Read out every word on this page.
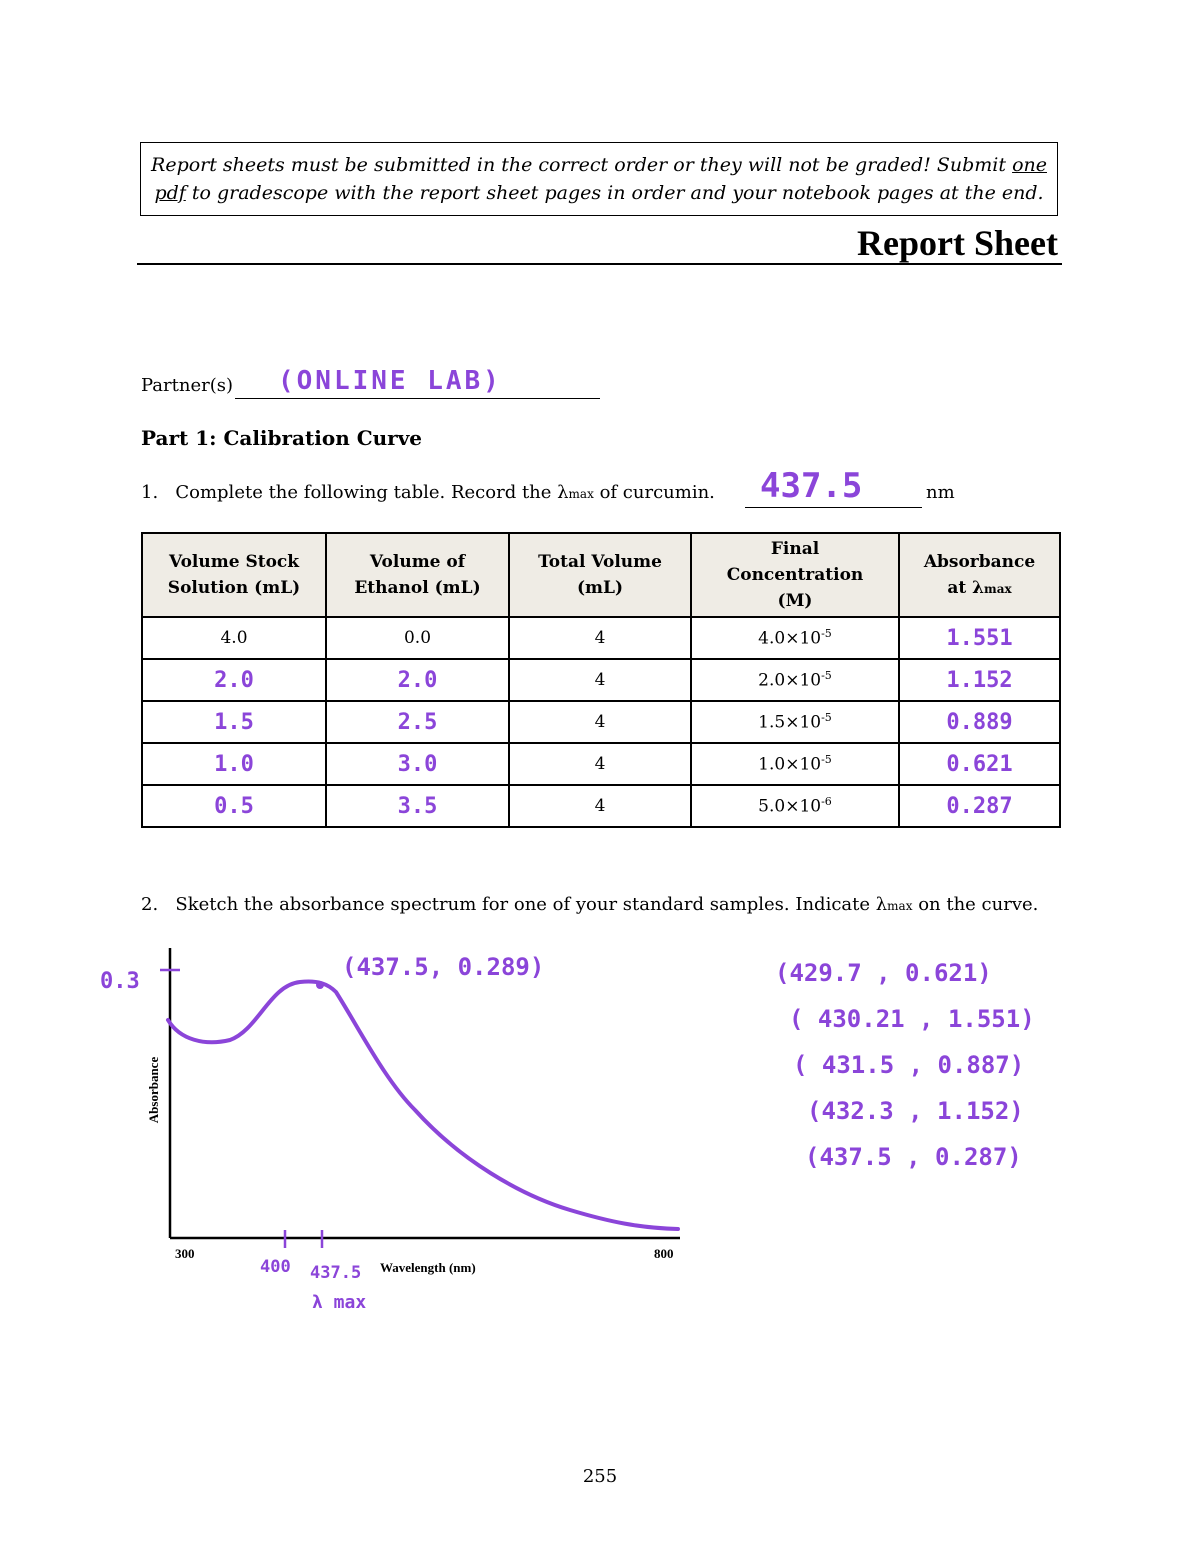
Report sheets must be submitted in the correct order or they will not be graded! Submit one
pdf to gradescope with the report sheet pages in order and your notebook pages at the end.
Report Sheet
Partner(s) (ONLINE LAB)
Part 1: Calibration Curve
1. Complete the following table. Record the λmax of curcumin. 437.5	nm
Volume Stock Solution (mL)	Volume of Ethanol (mL)	Total Volume (mL)	Final Concentration (M)	Absorbance at λmax

4.0	0.0	4	$4.0\times 10^{-5}$	1.551
2.0	2.0	4	$2.0\times 10^{-5}$	1.152
1.5	2.5	4	$1.5\times 10^{-5}$	0.889
1.0	3.0	4	$1.0\times 10^{-5}$	0.621
0.5	3.5	4	$5.0\times 10^{-6}$	0.287
2. Sketch the absorbance spectrum for one of your standard samples. Indicate λmax on the curve.
Absorbance
300	800
Wavelength (nm)
0.3
(437.5, 0.289)
400 437.5
λ max
(429.7 , 0.621)
( 430.21 , 1.551)
( 431.5 , 0.887)
(432.3 , 1.152)
(437.5 , 0.287)
255
